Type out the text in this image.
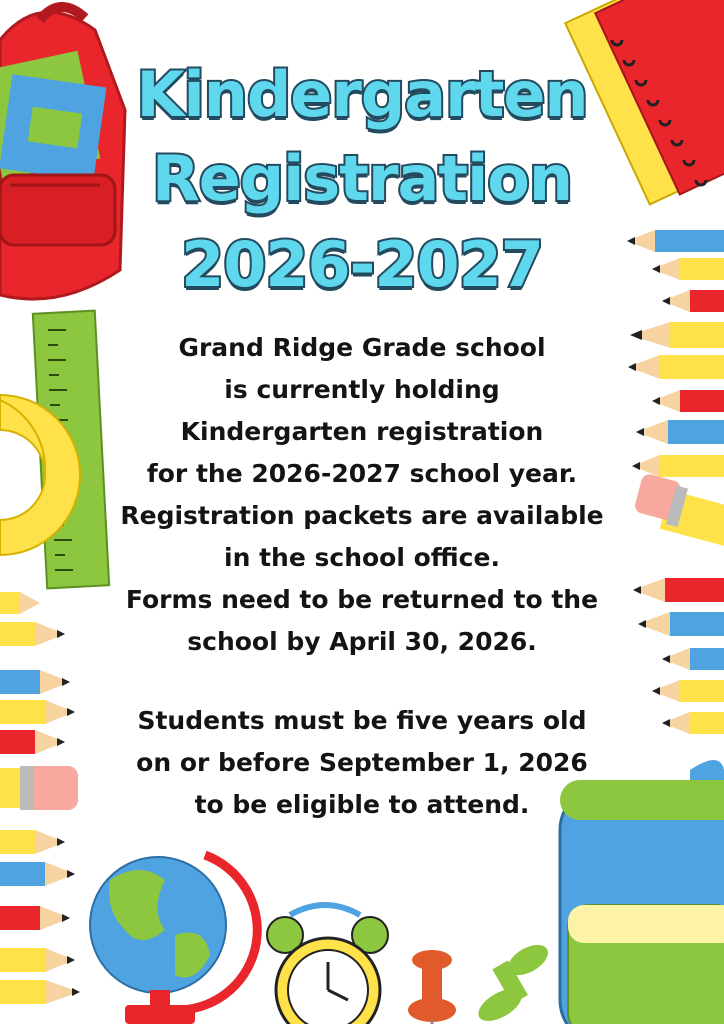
Kindergarten
Registration
2026-2027
Grand Ridge Grade school
is currently holding
Kindergarten registration
for the 2026-2027 school year.
Registration packets are available
in the school office.
Forms need to be returned to the
school by April 30, 2026.
Students must be five years old
on or before September 1, 2026
to be eligible to attend.
